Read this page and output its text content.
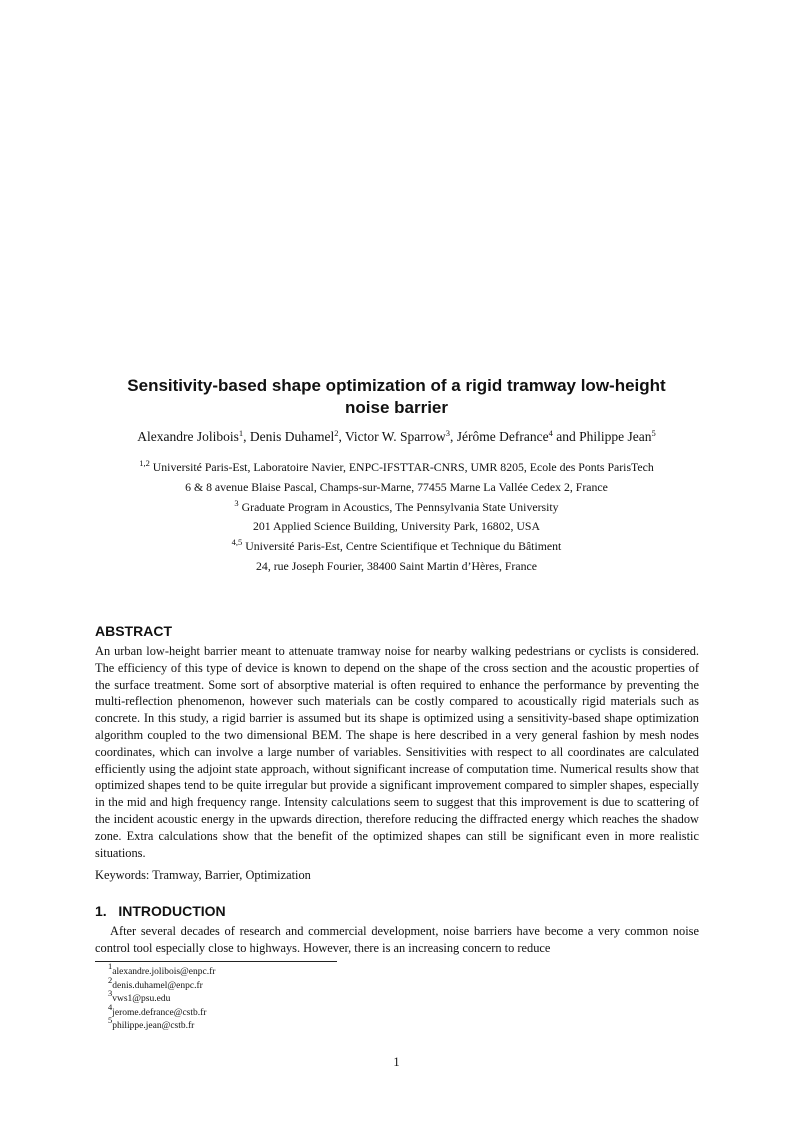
Sensitivity-based shape optimization of a rigid tramway low-height noise barrier
Alexandre Jolibois$^1$, Denis Duhamel$^2$, Victor W. Sparrow$^3$, Jérôme Defrance$^4$ and Philippe Jean$^5$
$^{1,2}$ Université Paris-Est, Laboratoire Navier, ENPC-IFSTTAR-CNRS, UMR 8205, Ecole des Ponts ParisTech
6 & 8 avenue Blaise Pascal, Champs-sur-Marne, 77455 Marne La Vallée Cedex 2, France
$^3$ Graduate Program in Acoustics, The Pennsylvania State University
201 Applied Science Building, University Park, 16802, USA
$^{4,5}$ Université Paris-Est, Centre Scientifique et Technique du Bâtiment
24, rue Joseph Fourier, 38400 Saint Martin d’Hères, France
ABSTRACT

An urban low-height barrier meant to attenuate tramway noise for nearby walking pedestrians or cyclists is considered. The efficiency of this type of device is known to depend on the shape of the cross section and the acoustic properties of the surface treatment. Some sort of absorptive material is often required to enhance the performance by preventing the multi-reflection phenomenon, however such materials can be costly compared to acoustically rigid materials such as concrete. In this study, a rigid barrier is assumed but its shape is optimized using a sensitivity-based shape optimization algorithm coupled to the two dimensional BEM. The shape is here described in a very general fashion by mesh nodes coordinates, which can involve a large number of variables. Sensitivities with respect to all coordinates are calculated efficiently using the adjoint state approach, without significant increase of computation time. Numerical results show that optimized shapes tend to be quite irregular but provide a significant improvement compared to simpler shapes, especially in the mid and high frequency range. Intensity calculations seem to suggest that this improvement is due to scattering of the incident acoustic energy in the upwards direction, therefore reducing the diffracted energy which reaches the shadow zone. Extra calculations show that the benefit of the optimized shapes can still be significant even in more realistic situations.

Keywords: Tramway, Barrier, Optimization

1.   INTRODUCTION

After several decades of research and commercial development, noise barriers have become a very common noise control tool especially close to highways. However, there is an increasing concern to reduce

$^1$alexandre.jolibois@enpc.fr
$^2$denis.duhamel@enpc.fr
$^3$vws1@psu.edu
$^4$jerome.defrance@cstb.fr
$^5$philippe.jean@cstb.fr
1
